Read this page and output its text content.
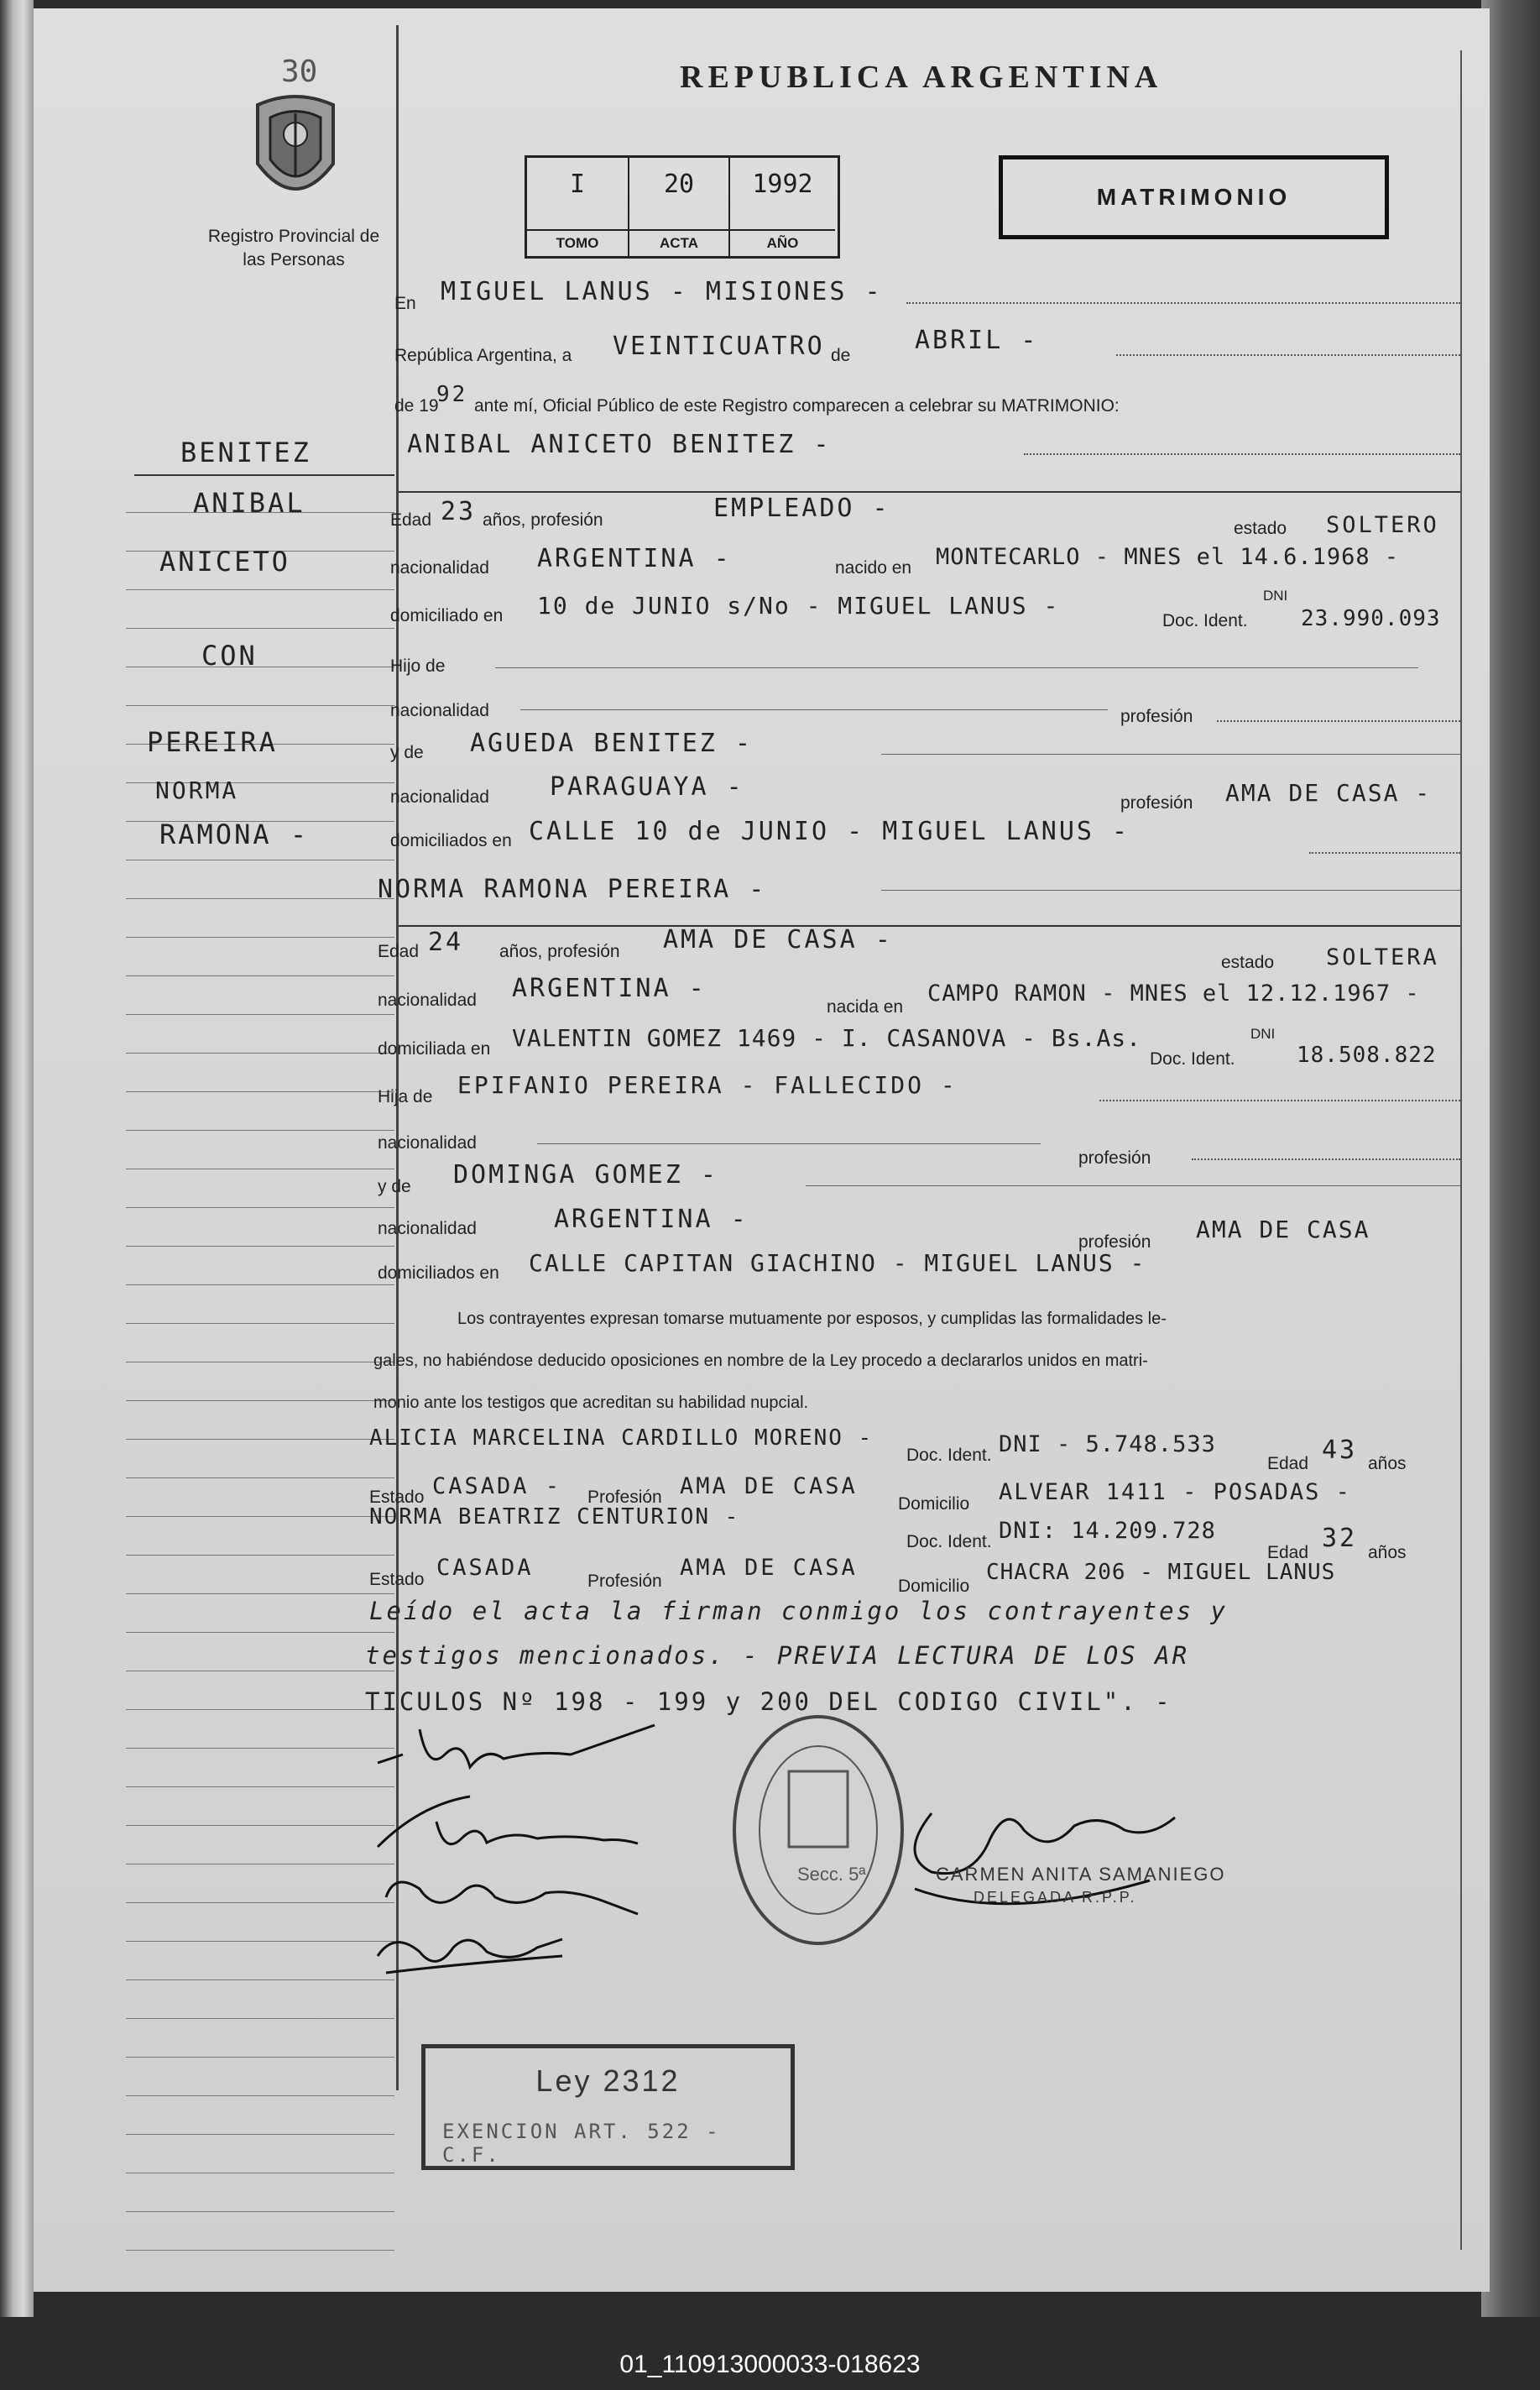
30
Registro Provincial de las Personas
REPUBLICA ARGENTINA
I
TOMO
20
ACTA
1992
AÑO
MATRIMONIO
BENITEZ
ANIBAL
ANICETO
CON
PEREIRA
NORMA
RAMONA -
En MIGUEL LANUS - MISIONES -
República Argentina, a VEINTICUATRO de
ABRIL -
de 19
92 ante mí, Oficial Público de este Registro comparecen a celebrar su MATRIMONIO:
ANIBAL ANICETO BENITEZ -
Edad 23 años, profesión	EMPLEADO -
estado SOLTERO
nacionalidad ARGENTINA -	nacido en MONTECARLO - MNES el 14.6.1968 -
domiciliado en 10 de JUNIO s/No - MIGUEL LANUS -
Doc. Ident.
DNI
23.990.093
Hijo de
nacionalidad	profesión
y de AGUEDA BENITEZ -
nacionalidad PARAGUAYA -
profesión AMA DE CASA -
domiciliados en CALLE 10 de JUNIO - MIGUEL LANUS -
NORMA RAMONA PEREIRA -
Edad 24 años, profesión AMA DE CASA -
estado SOLTERA
nacionalidad ARGENTINA -
nacida en
CAMPO RAMON - MNES el 12.12.1967 -
domiciliada en VALENTIN GOMEZ 1469 - I. CASANOVA - Bs.As.
Doc. Ident.
DNI
18.508.822
Hija de EPIFANIO PEREIRA - FALLECIDO -
nacionalidad
profesión
y de DOMINGA GOMEZ -
nacionalidad	ARGENTINA -
profesión AMA DE CASA
domiciliados en CALLE CAPITAN GIACHINO - MIGUEL LANUS -
Los contrayentes expresan tomarse mutuamente por esposos, y cumplidas las formalidades le-
gales, no habiéndose deducido oposiciones en nombre de la Ley procedo a declararlos unidos en matri-
monio ante los testigos que acreditan su habilidad nupcial.
ALICIA MARCELINA CARDILLO MORENO -
Doc. Ident. DNI - 5.748.533
Edad 43 años
Estado CASADA - Profesión AMA DE CASA
Domicilio ALVEAR 1411 - POSADAS -
NORMA BEATRIZ CENTURION -
Doc. Ident. DNI: 14.209.728
Edad 32 años
Estado CASADA
Profesión
AMA DE CASA
Domicilio
CHACRA 206 - MIGUEL LANUS
Leído el acta la firman conmigo los contrayentes y
testigos mencionados. - PREVIA LECTURA DE LOS AR
TICULOS Nº 198 - 199 y 200 DEL CODIGO CIVIL". -
Secc. 5ª	CARMEN ANITA SAMANIEGO
DELEGADA R.P.P.
Ley 2312
EXENCION ART. 522 - C.F.
01_110913000033-018623
